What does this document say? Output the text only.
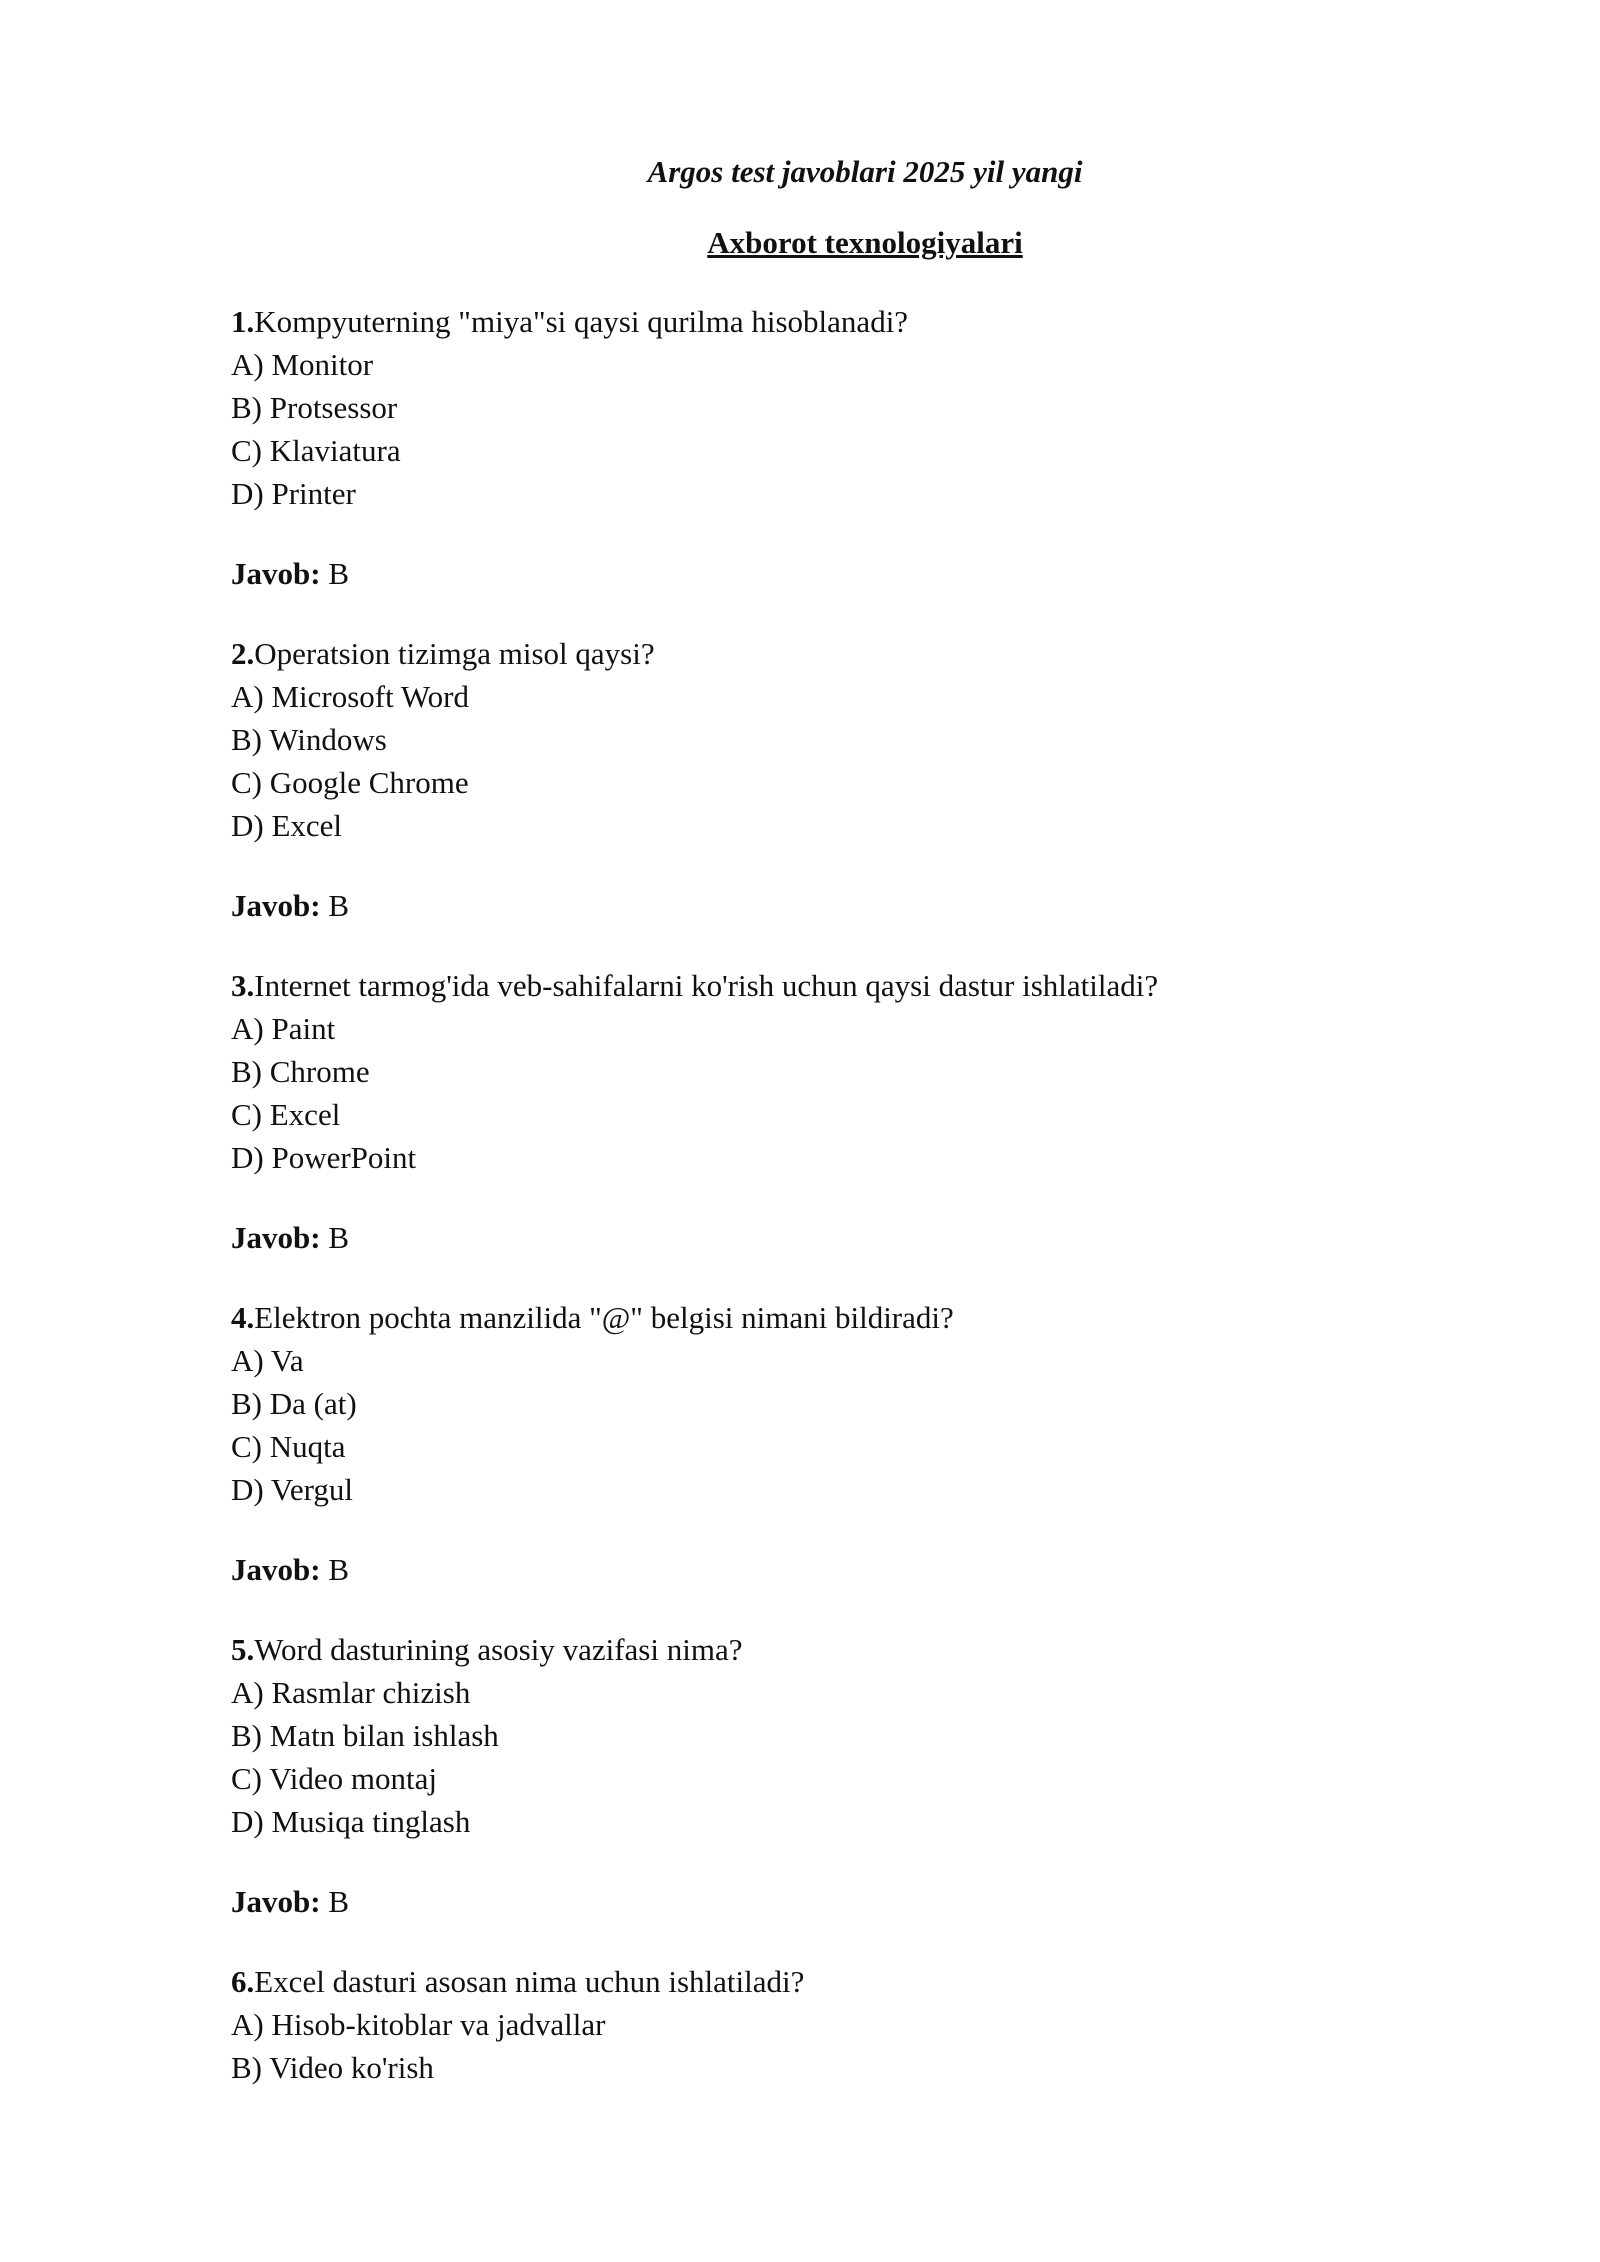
Argos test javoblari 2025 yil yangi
Axborot texnologiyalari
1.Kompyuterning "miya"si qaysi qurilma hisoblanadi?
A) Monitor
B) Protsessor
C) Klaviatura
D) Printer
Javob: B
2.Operatsion tizimga misol qaysi?
A) Microsoft Word
B) Windows
C) Google Chrome
D) Excel
Javob: B
3.Internet tarmog'ida veb-sahifalarni ko'rish uchun qaysi dastur ishlatiladi?
A) Paint
B) Chrome
C) Excel
D) PowerPoint
Javob: B
4.Elektron pochta manzilida "@" belgisi nimani bildiradi?
A) Va
B) Da (at)
C) Nuqta
D) Vergul
Javob: B
5.Word dasturining asosiy vazifasi nima?
A) Rasmlar chizish
B) Matn bilan ishlash
C) Video montaj
D) Musiqa tinglash
Javob: B
6.Excel dasturi asosan nima uchun ishlatiladi?
A) Hisob-kitoblar va jadvallar
B) Video ko'rish
